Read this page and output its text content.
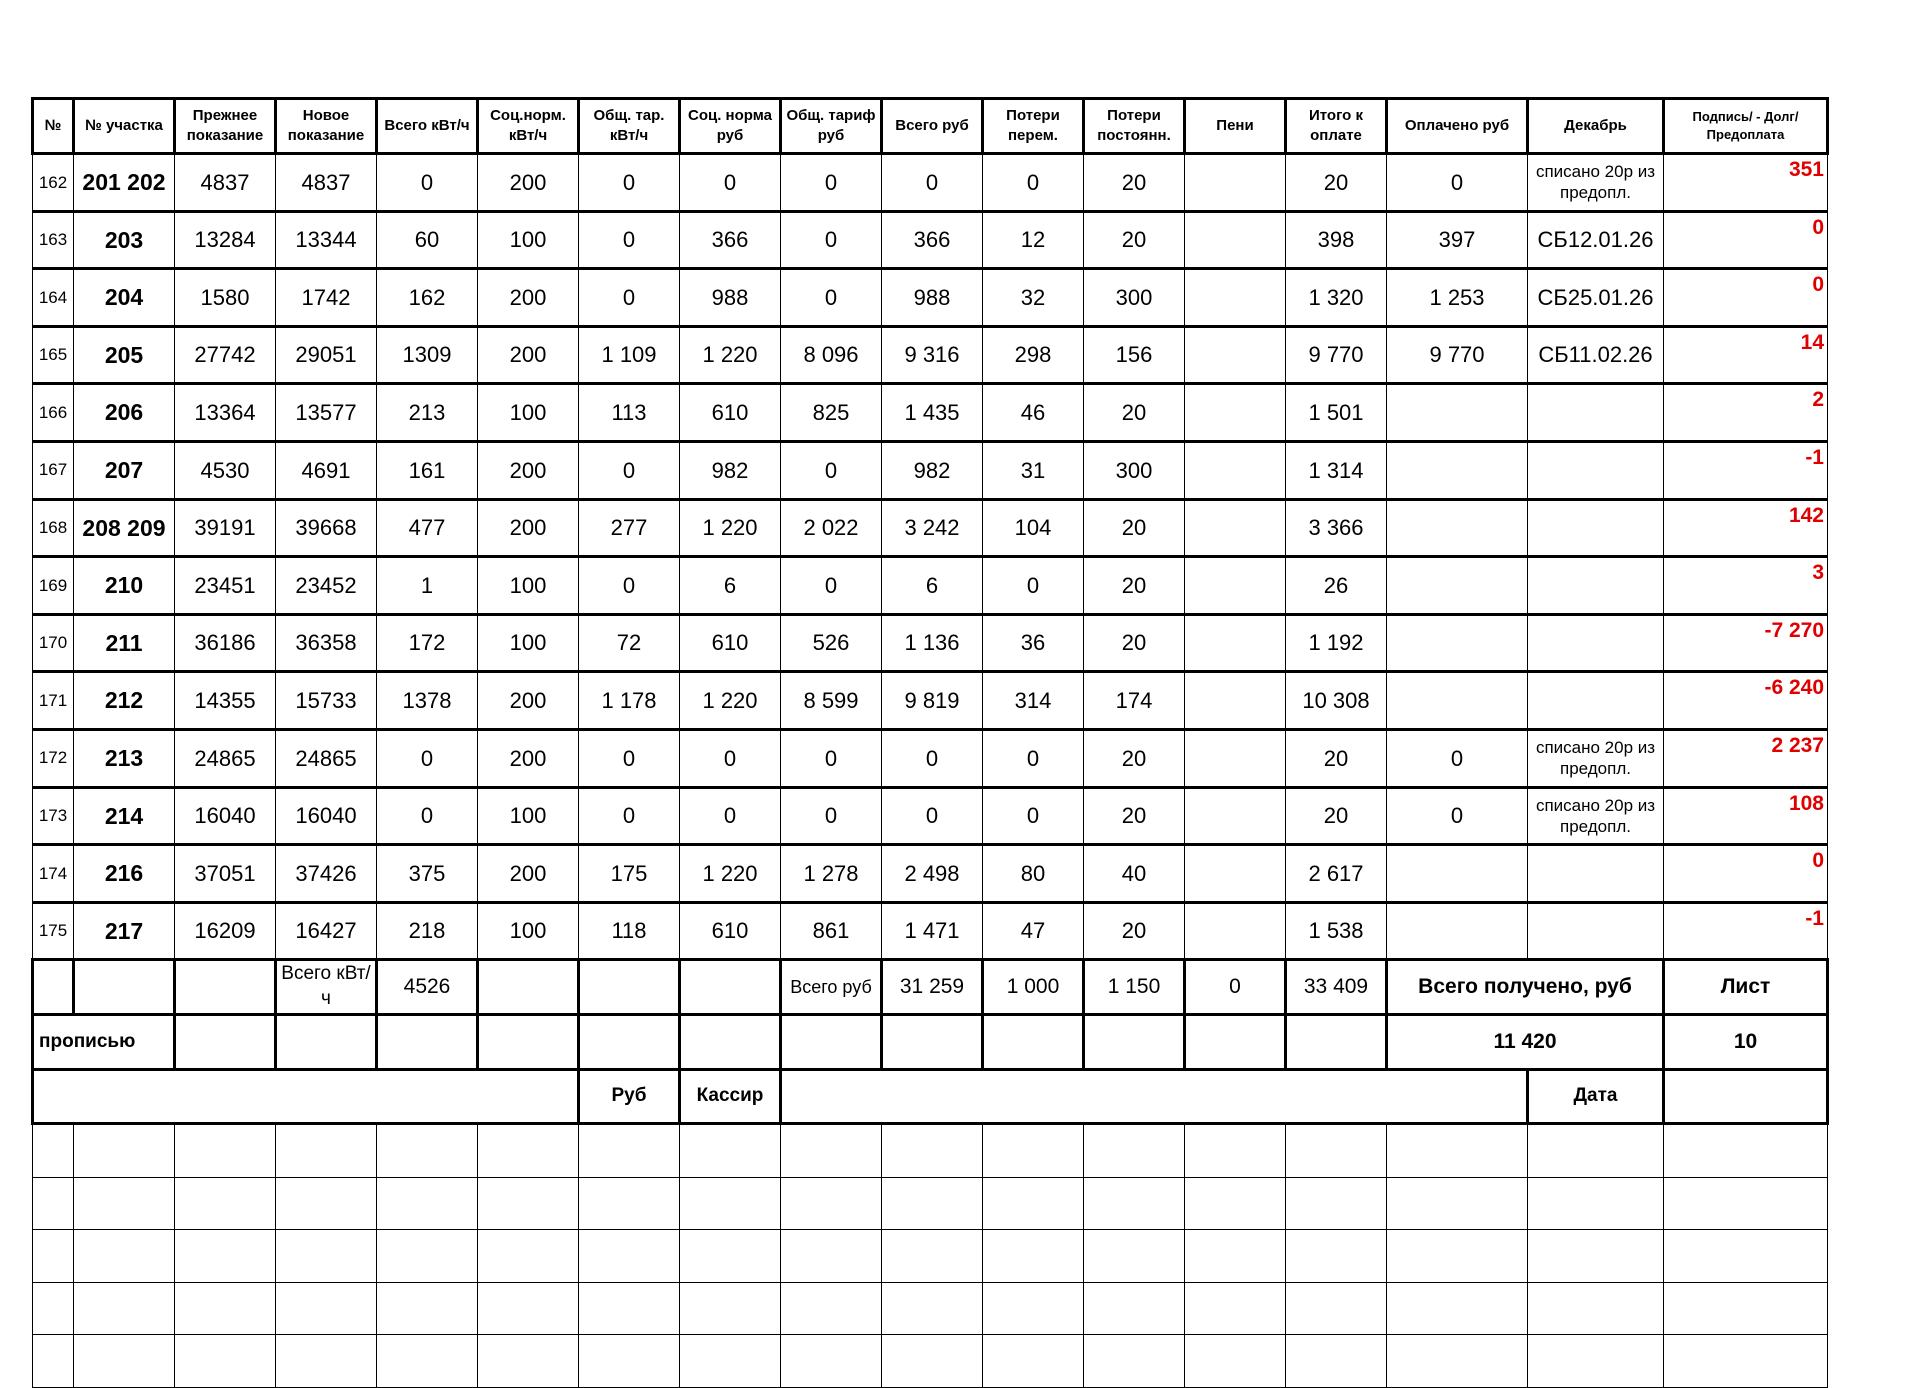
№	№ участка	Прежнее показание	Новое показание	Всего кВт/ч	Соц.норм. кВт/ч	Общ. тар. кВт/ч	Соц. норма руб	Общ. тариф руб	Всего руб	Потери перем.	Потери постоянн.	Пени	Итого к оплате	Оплачено руб	Декабрь	Подпись/ - Долг/Предоплата
162	201 202	4837	4837	0	200	0	0	0	0	0	20		20	0	списано 20р из предопл.	351
163	203	13284	13344	60	100	0	366	0	366	12	20		398	397	СБ12.01.26	0
164	204	1580	1742	162	200	0	988	0	988	32	300		1 320	1 253	СБ25.01.26	0
165	205	27742	29051	1309	200	1 109	1 220	8 096	9 316	298	156		9 770	9 770	СБ11.02.26	14
166	206	13364	13577	213	100	113	610	825	1 435	46	20		1 501			2
167	207	4530	4691	161	200	0	982	0	982	31	300		1 314			-1
168	208 209	39191	39668	477	200	277	1 220	2 022	3 242	104	20		3 366			142
169	210	23451	23452	1	100	0	6	0	6	0	20		26			3
170	211	36186	36358	172	100	72	610	526	1 136	36	20		1 192			-7 270
171	212	14355	15733	1378	200	1 178	1 220	8 599	9 819	314	174		10 308			-6 240
172	213	24865	24865	0	200	0	0	0	0	0	20		20	0	списано 20р из предопл.	2 237
173	214	16040	16040	0	100	0	0	0	0	0	20		20	0	списано 20р из предопл.	108
174	216	37051	37426	375	200	175	1 220	1 278	2 498	80	40		2 617			0
175	217	16209	16427	218	100	118	610	861	1 471	47	20		1 538			-1
			Всего кВт/ч	4526				Всего руб	31 259	1 000	1 150	0	33 409	Всего получено, руб		Лист
прописью														11 420		10
						Руб	Кассир								Дата	
